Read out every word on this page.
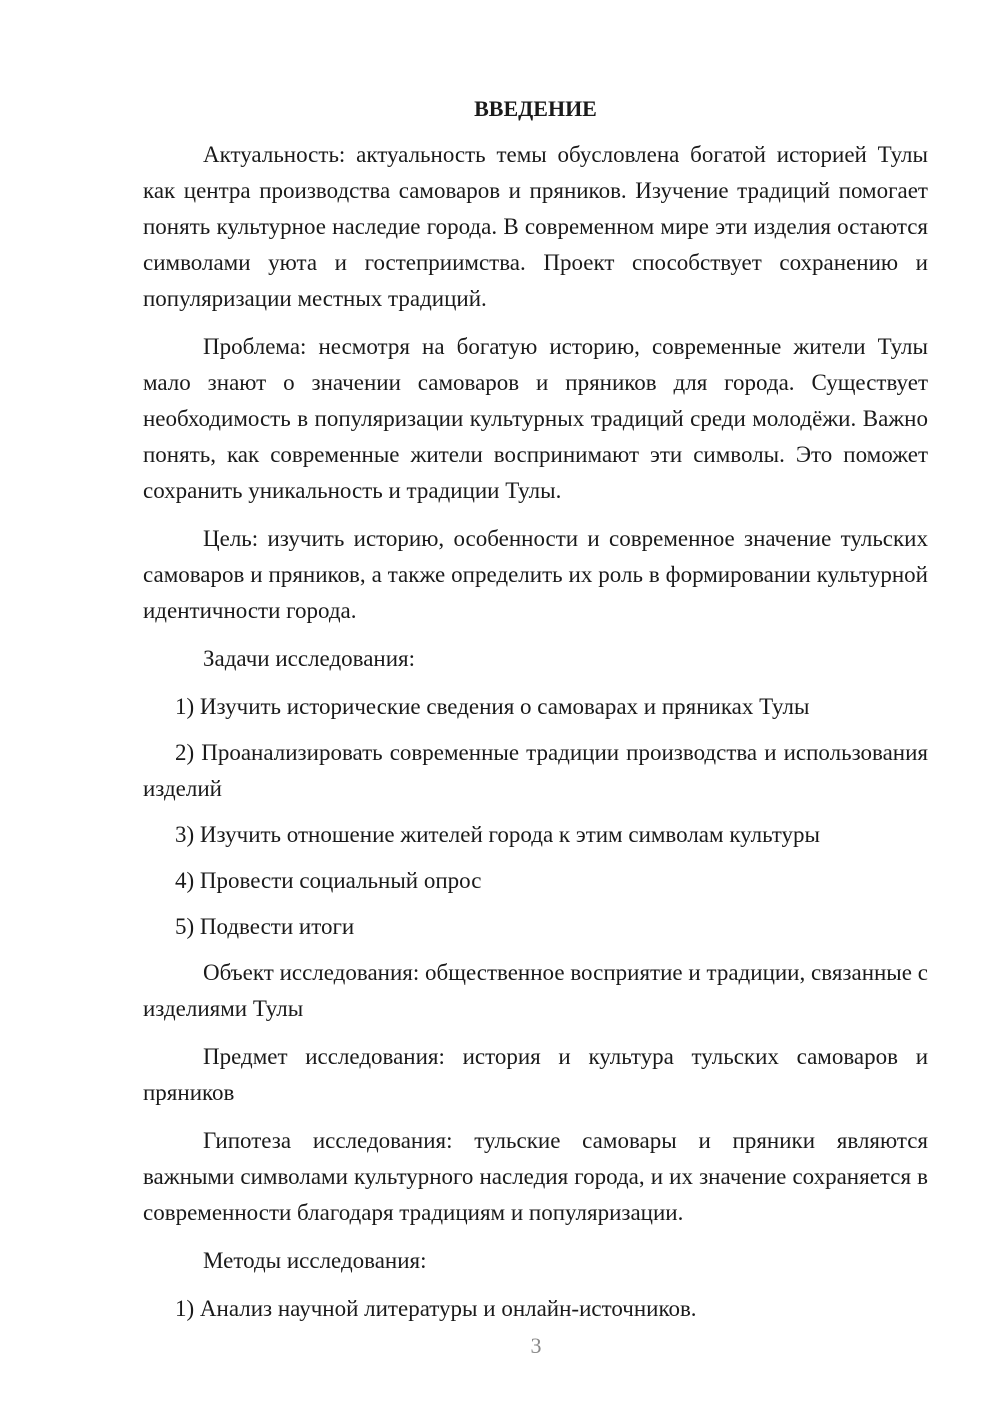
ВВЕДЕНИЕ

Актуальность: актуальность темы обусловлена богатой историей Тулы как центра производства самоваров и пряников. Изучение традиций помогает понять культурное наследие города. В современном мире эти изделия остаются символами уюта и гостеприимства. Проект способствует сохранению и популяризации местных традиций.

Проблема: несмотря на богатую историю, современные жители Тулы мало знают о значении самоваров и пряников для города. Существует необходимость в популяризации культурных традиций среди молодёжи. Важно понять, как современные жители воспринимают эти символы. Это поможет сохранить уникальность и традиции Тулы.

Цель: изучить историю, особенности и современное значение тульских самоваров и пряников, а также определить их роль в формировании культурной идентичности города.

Задачи исследования:

1) Изучить исторические сведения о самоварах и пряниках Тулы

2) Проанализировать современные традиции производства и использования изделий

3) Изучить отношение жителей города к этим символам культуры

4) Провести социальный опрос

5) Подвести итоги

Объект исследования: общественное восприятие и традиции, связанные с изделиями Тулы

Предмет исследования: история и культура тульских самоваров и пряников

Гипотеза исследования: тульские самовары и пряники являются важными символами культурного наследия города, и их значение сохраняется в современности благодаря традициям и популяризации.

Методы исследования:

1) Анализ научной литературы и онлайн-источников.

3
